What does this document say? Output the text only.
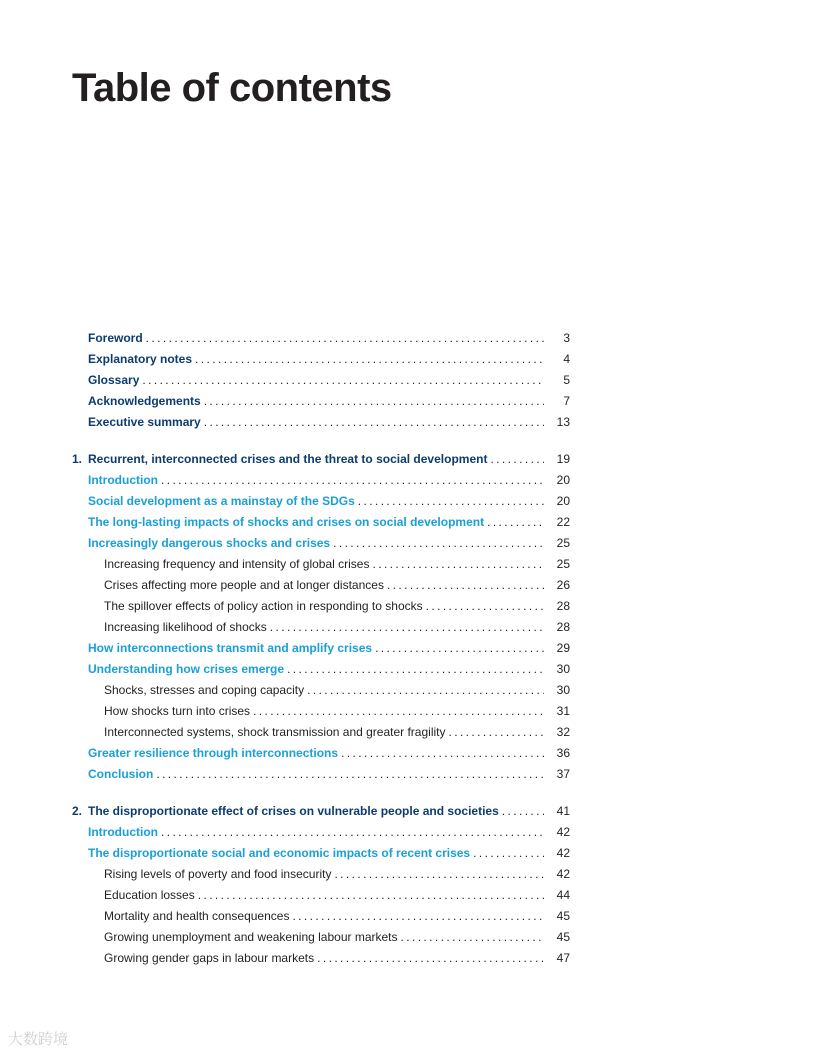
Table of contents
Foreword .....	3
Explanatory notes .....	4
Glossary .....	5
Acknowledgements .....	7
Executive summary .....	13
1. Recurrent, interconnected crises and the threat to social development .....	19
Introduction .....	20
Social development as a mainstay of the SDGs .....	20
The long-lasting impacts of shocks and crises on social development .....	22
Increasingly dangerous shocks and crises .....	25
Increasing frequency and intensity of global crises .....	25
Crises affecting more people and at longer distances .....	26
The spillover effects of policy action in responding to shocks .....	28
Increasing likelihood of shocks .....	28
How interconnections transmit and amplify crises .....	29
Understanding how crises emerge .....	30
Shocks, stresses and coping capacity .....	30
How shocks turn into crises .....	31
Interconnected systems, shock transmission and greater fragility .....	32
Greater resilience through interconnections .....	36
Conclusion .....	37
2. The disproportionate effect of crises on vulnerable people and societies .....	41
Introduction .....	42
The disproportionate social and economic impacts of recent crises .....	42
Rising levels of poverty and food insecurity .....	42
Education losses .....	44
Mortality and health consequences .....	45
Growing unemployment and weakening labour markets .....	45
Growing gender gaps in labour markets .....	47
大数跨境
